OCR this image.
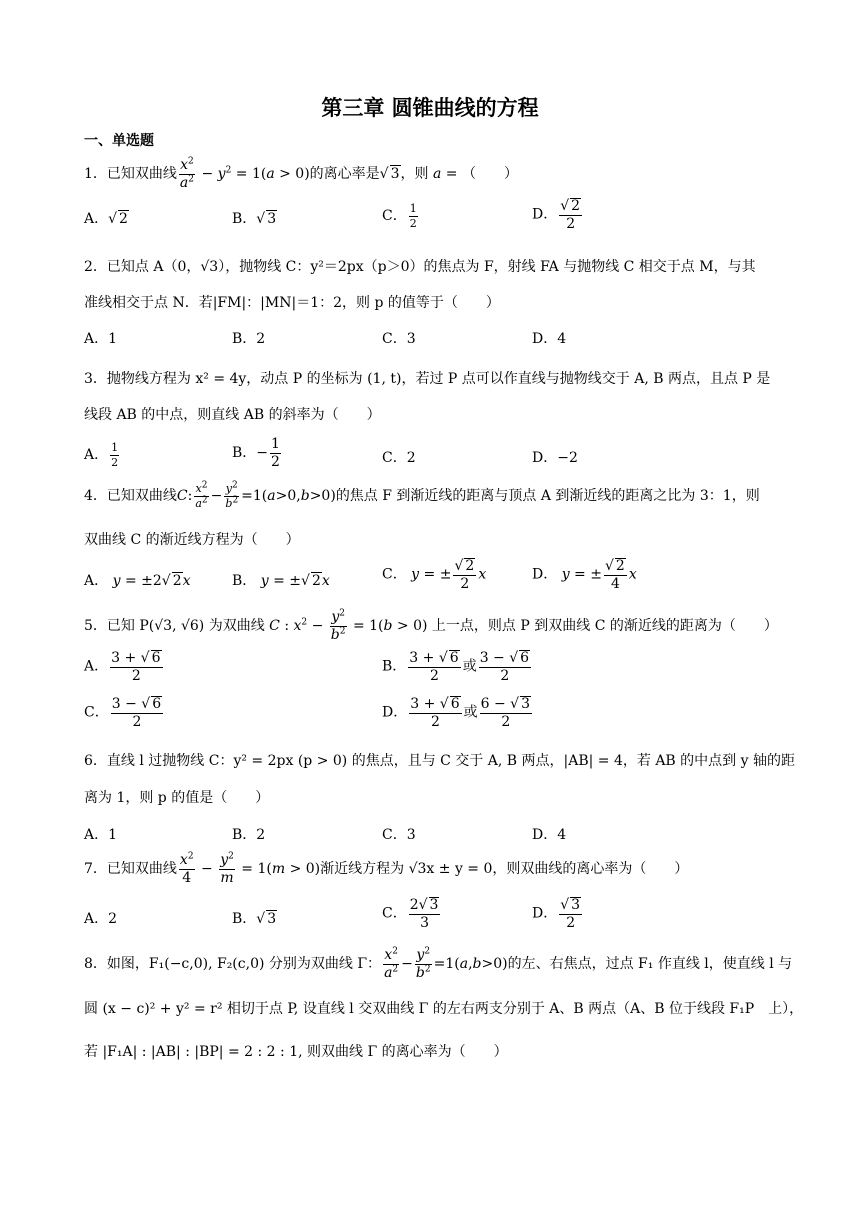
第三章 圆锥曲线的方程
一、单选题
1．已知双曲线 $\frac{x^2}{a^2} - y^2 = 1(a > 0)$的离心率是√ 3，则 a = （　　）
A．√ 2	B．√ 3	C． $\frac{1}{2}$	D． $\frac{√ 2}{2}$
2．已知点 A（0，√3），抛物线 C：y²＝2px（p＞0）的焦点为 F，射线 FA 与抛物线 C 相交于点 M，与其
准线相交于点 N．若|FM|：|MN|＝1：2，则 p 的值等于（　　）
A．1	B．2	C．3	D．4
3．抛物线方程为 x² = 4y，动点 P 的坐标为 (1, t)，若过 P 点可以作直线与抛物线交于 A, B 两点，且点 P 是
线段 AB 的中点，则直线 AB 的斜率为（　　）
A． $\frac{1}{2}$	B．− $\frac{1}{2}$	C．2	D．−2
4．已知双曲线C: $\frac{x^2}{a^2} - \frac{y^2}{b^2} =1(a>0,b>0)$的焦点 F 到渐近线的距离与顶点 A 到渐近线的距离之比为 3：1，则
双曲线 C 的渐近线方程为（　　）
A． y = ±2√ 2x	B． y = ±√ 2x	C． y = ± $\frac{√ 2}{2}$ x	D． y = ± $\frac{√ 2}{4}$ x
5．已知 P(√3, √6) 为双曲线 C : $x^2 - \frac{y^2}{b^2} = 1(b > 0)$ 上一点，则点 P 到双曲线 C 的渐近线的距离为（　　）
A． $\frac{3 + √ 6}{2}$	B． $\frac{3 + √ 6}{2}$ 或 $\frac{3 - √ 6}{2}$
C． $\frac{3 - √ 6}{2}$	D． $\frac{3 + √ 6}{2}$ 或 $\frac{6 - √ 3}{2}$
6．直线 l 过抛物线 C：y² = 2px (p > 0) 的焦点，且与 C 交于 A, B 两点，|AB| = 4，若 AB 的中点到 y 轴的距
离为 1，则 p 的值是（　　）
A．1	B．2	C．3	D．4
7．已知双曲线 $\frac{x^2}{4} - \frac{y^2}{m} = 1(m > 0)$渐近线方程为 √3x ± y = 0，则双曲线的离心率为（　　）
A．2	B．√ 3	C． $\frac{2√ 3}{3}$	D． $\frac{√ 3}{2}$
8．如图，F₁(−c,0), F₂(c,0) 分别为双曲线 Γ： $\frac{x^2}{a^2} - \frac{y^2}{b^2} =1(a,b>0)$的左、右焦点，过点 F₁ 作直线 l，使直线 l 与
圆 (x − c)² + y² = r² 相切于点 P, 设直线 l 交双曲线 Γ 的左右两支分别于 A、B 两点（A、B 位于线段 F₁P　上），
若 |F₁A| : |AB| : |BP| = 2 : 2 : 1, 则双曲线 Γ 的离心率为（　　）
